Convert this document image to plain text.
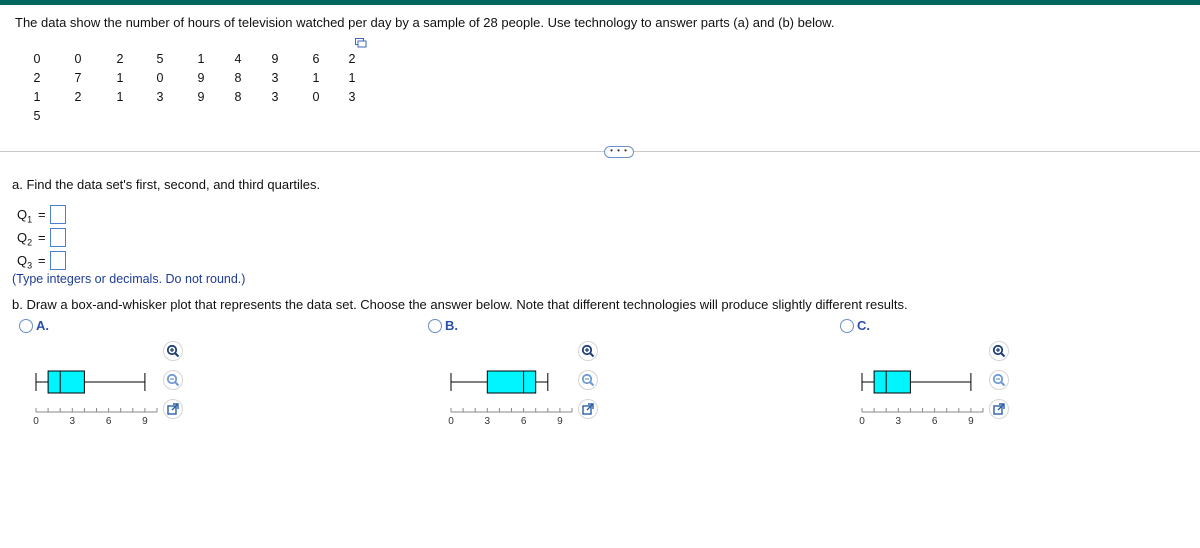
The data show the number of hours of television watched per day by a sample of 28 people. Use technology to answer parts (a) and (b) below.
0	0	2	5	1	4	9	6	2
2	7	1	0	9	8	3	1	1
1	2	1	3	9	8	3	0	3
5
• • •
a. Find the data set's first, second, and third quartiles.
$Q_1$ =
$Q_2$ =
$Q_3$ =
(Type integers or decimals. Do not round.)
b. Draw a box-and-whisker plot that represents the data set. Choose the answer below. Note that different technologies will produce slightly different results.
A.	B.	C.
0	3	6	9	0	3	6	9	0	3	6	9
